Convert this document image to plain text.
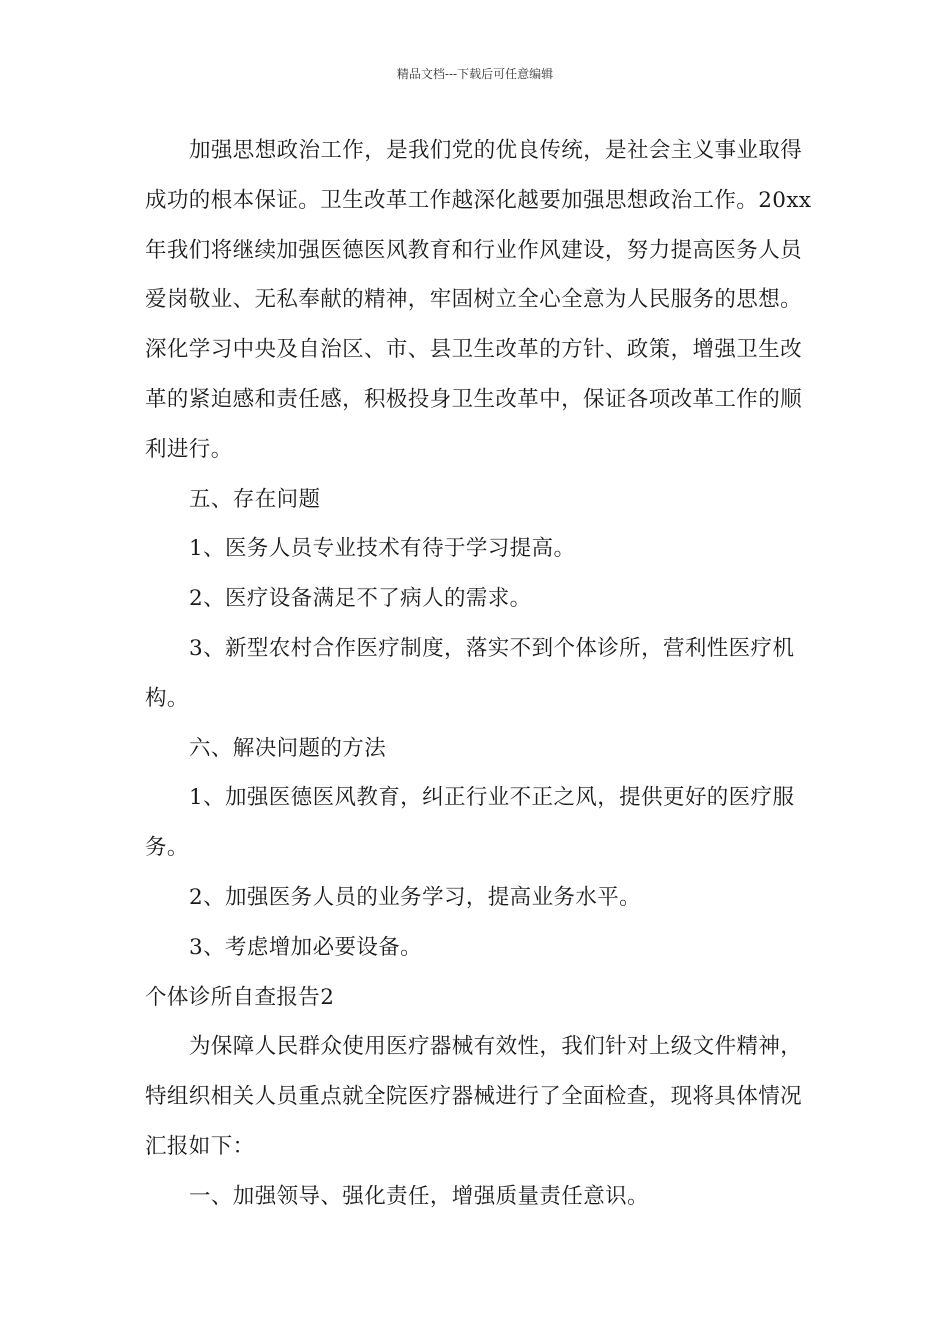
精品文档---下载后可任意编辑

加强思想政治工作，是我们党的优良传统，是社会主义事业取得成功的根本保证。卫生改革工作越深化越要加强思想政治工作。20xx年我们将继续加强医德医风教育和行业作风建设，努力提高医务人员爱岗敬业、无私奉献的精神，牢固树立全心全意为人民服务的思想。深化学习中央及自治区、市、县卫生改革的方针、政策，增强卫生改革的紧迫感和责任感，积极投身卫生改革中，保证各项改革工作的顺利进行。

五、存在问题

1、医务人员专业技术有待于学习提高。

2、医疗设备满足不了病人的需求。

3、新型农村合作医疗制度，落实不到个体诊所，营利性医疗机构。

六、解决问题的方法

1、加强医德医风教育，纠正行业不正之风，提供更好的医疗服务。

2、加强医务人员的业务学习，提高业务水平。

3、考虑增加必要设备。

个体诊所自查报告2

为保障人民群众使用医疗器械有效性，我们针对上级文件精神，特组织相关人员重点就全院医疗器械进行了全面检查，现将具体情况汇报如下：

一、加强领导、强化责任，增强质量责任意识。
